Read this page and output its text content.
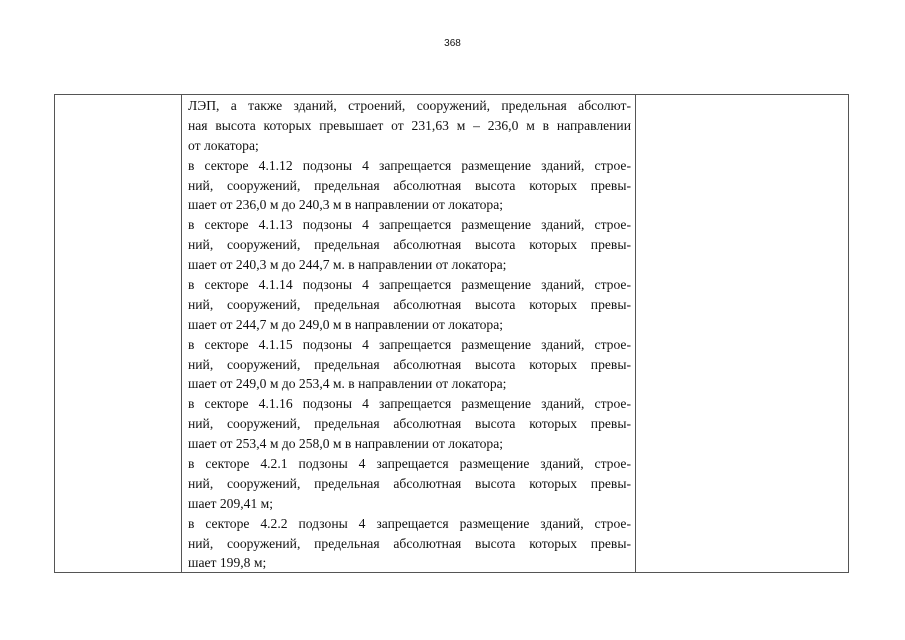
368
ЛЭП, а также зданий, строений, сооружений, предельная абсолют-
ная высота которых превышает от 231,63 м – 236,0 м в направлении
от локатора;
в секторе 4.1.12 подзоны 4 запрещается размещение зданий, строе-
ний, сооружений, предельная абсолютная высота которых превы-
шает от 236,0 м до 240,3 м в направлении от локатора;
в секторе 4.1.13 подзоны 4 запрещается размещение зданий, строе-
ний, сооружений, предельная абсолютная высота которых превы-
шает от 240,3 м до 244,7 м. в направлении от локатора;
в секторе 4.1.14 подзоны 4 запрещается размещение зданий, строе-
ний, сооружений, предельная абсолютная высота которых превы-
шает от 244,7 м до 249,0 м в направлении от локатора;
в секторе 4.1.15 подзоны 4 запрещается размещение зданий, строе-
ний, сооружений, предельная абсолютная высота которых превы-
шает от 249,0 м до 253,4 м. в направлении от локатора;
в секторе 4.1.16 подзоны 4 запрещается размещение зданий, строе-
ний, сооружений, предельная абсолютная высота которых превы-
шает от 253,4 м до 258,0 м в направлении от локатора;
в секторе 4.2.1 подзоны 4 запрещается размещение зданий, строе-
ний, сооружений, предельная абсолютная высота которых превы-
шает 209,41 м;
в секторе 4.2.2 подзоны 4 запрещается размещение зданий, строе-
ний, сооружений, предельная абсолютная высота которых превы-
шает 199,8 м;
